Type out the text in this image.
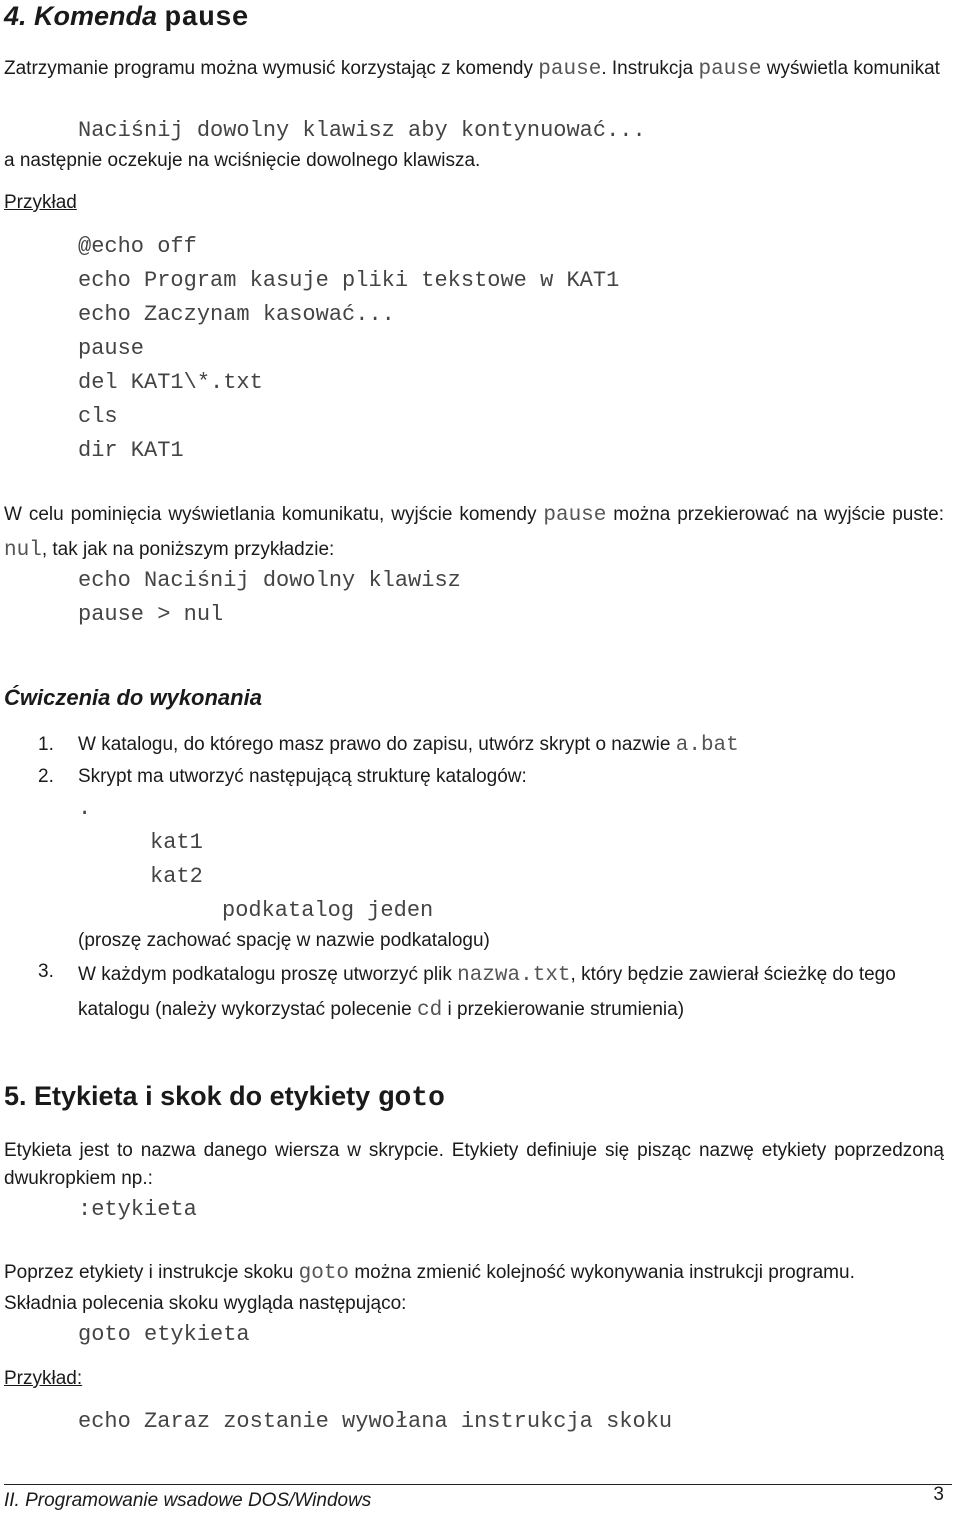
4. Komenda pause
Zatrzymanie programu można wymusić korzystając z komendy pause. Instrukcja pause wyświetla komunikat
Naciśnij dowolny klawisz aby kontynuować...
a następnie oczekuje na wciśnięcie dowolnego klawisza.
Przykład
@echo off
echo Program kasuje pliki tekstowe w KAT1
echo Zaczynam kasować...
pause
del KAT1\*.txt
cls
dir KAT1
W celu pominięcia wyświetlania komunikatu, wyjście komendy pause można przekierować na wyjście puste: nul, tak jak na poniższym przykładzie:
echo Naciśnij dowolny klawisz
pause > nul
Ćwiczenia do wykonania
1. W katalogu, do którego masz prawo do zapisu, utwórz skrypt o nazwie a.bat
2. Skrypt ma utworzyć następującą strukturę katalogów:
.
kat1
kat2
podkatalog jeden
(proszę zachować spację w nazwie podkatalogu)
3. W każdym podkatalogu proszę utworzyć plik nazwa.txt, który będzie zawierał ścieżkę do tego katalogu (należy wykorzystać polecenie cd i przekierowanie strumienia)
5. Etykieta i skok do etykiety goto
Etykieta jest to nazwa danego wiersza w skrypcie. Etykiety definiuje się pisząc nazwę etykiety poprzedzoną dwukropkiem np.:
:etykieta
Poprzez etykiety i instrukcje skoku goto można zmienić kolejność wykonywania instrukcji programu.
Składnia polecenia skoku wygląda następująco:
goto etykieta
Przykład:
echo Zaraz zostanie wywołana instrukcja skoku
II. Programowanie wsadowe DOS/Windows	3
